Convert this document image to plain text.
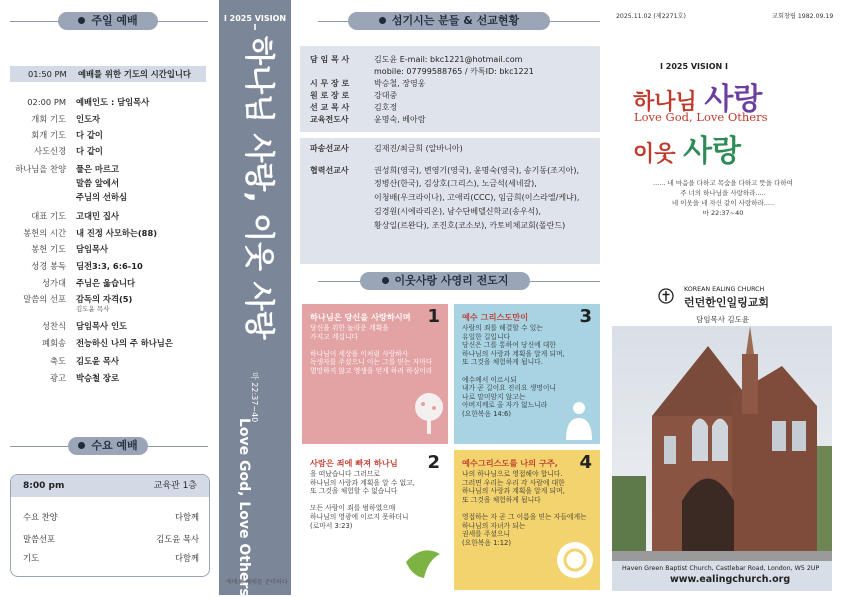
주일 예배
01:50 PM 예배를 위한 기도의 시간입니다
02:00 PM 예배인도 : 담임목사
개회 기도 인도자
회개 기도 다 같이
사도신경 다 같이
하나님을 찬양 풀은 마르고
말씀 앞에서
주님의 선하심
대표 기도 고대민 집사
봉헌의 시간 내 진정 사모하는(88)
봉헌 기도 담임목사
성경 봉독 딤전3:3, 6:6-10
성가대 주님은 옳습니다
말씀의 선포 감독의 자격(5)
김도윤 목사
성찬식 담임목사 인도
폐회송 전능하신 나의 주 하나님은
축도 김도윤 목사
광고 박승철 장로
수요 예배
8:00 pm	교육관 1층
수요 찬양	다함께
말씀선포	김도윤 목사
기도	다함께
I 2025 VISION I
하나님 사랑, 이웃 사랑
마 22:37~40
Love God, Love Others
예배로 예배를 준비하다
섬기시는 분들 & 선교현황
담 임 목 사	김도윤 E-mail: bkc1221@hotmail.com
mobile: 07799588765 / 카톡ID: bkc1221
시 무 장 로	박승철, 장영웅
원 로 장 로	강대중
선 교 목 사	김호정
교육전도사	윤명숙, 베아람
파송선교사	김재진/최금희 (알바니아)
협력선교사	권성희(영국), 변영기(영국), 윤명숙(영국), 송기동(조지아),
정병산(한국), 김상호(그리스), 노금석(세네갈),
이청배(우크라이나), 고애리(CCC), 임금희(이스라엘/케냐),
김경원(시에라리온), 남수단베델신학교(송우석),
황상일(르완다), 조진호(코소보), 카토비체교회(폴란드)
이웃사랑 사영리 전도지
1
하나님은 당신을 사랑하시며
당신을 위한 놀라운 계획을
가지고 계십니다
하나님이 세상을 이처럼 사랑하사
독생자를 주셨으니 이는 그를 믿는 자마다
멸망하지 않고 영생을 얻게 하려 하심이라
3
예수 그리스도만이
사람의 죄를 해결할 수 있는
유일한 길입니다
당신은 그를 통하여 당신에 대한
하나님의 사랑과 계획을 알게 되며,
또 그것을 체험하게 됩니다.
예수께서 이르시되
내가 곧 길이요 진리요 생명이니
나로 말미암지 않고는
아버지께로 올 자가 없느니라
(요한복음 14:6)
2
사람은 죄에 빠져 하나님
을 떠났습니다 그러므로
하나님의 사랑과 계획을 알 수 없고,
또 그것을 체험할 수 없습니다
모든 사람이 죄를 범하였으매
하나님의 영광에 이르지 못하더니
(로마서 3:23)
4
예수그리스도를 나의 구주,
나의 하나님으로 영접해야 합니다.
그러면 우리는 우리 각 사람에 대한
하나님의 사랑과 계획을 알게 되며,
또 그것을 체험하게 됩니다
영접하는 자 곧 그 이름을 믿는 자들에게는
하나님의 자녀가 되는
권세를 주셨으니
(요한복음 1:12)
2025.11.02 (제2271호)	교회창립 1982.09.19
I 2025 VISION I
하나님 사랑
Love God, Love Others
이웃 사랑
...... 네 마음을 다하고 목숨을 다하고 뜻을 다하여
주 너의 하나님을 사랑하라.....
네 이웃을 네 자신 같이 사랑하라.....
마 22:37~40
KOREAN EALING CHURCH
런던한인일링교회
담임목사 김도윤
Haven Green Baptist Church, Castlebar Road, London, W5 2UP
www.ealingchurch.org
